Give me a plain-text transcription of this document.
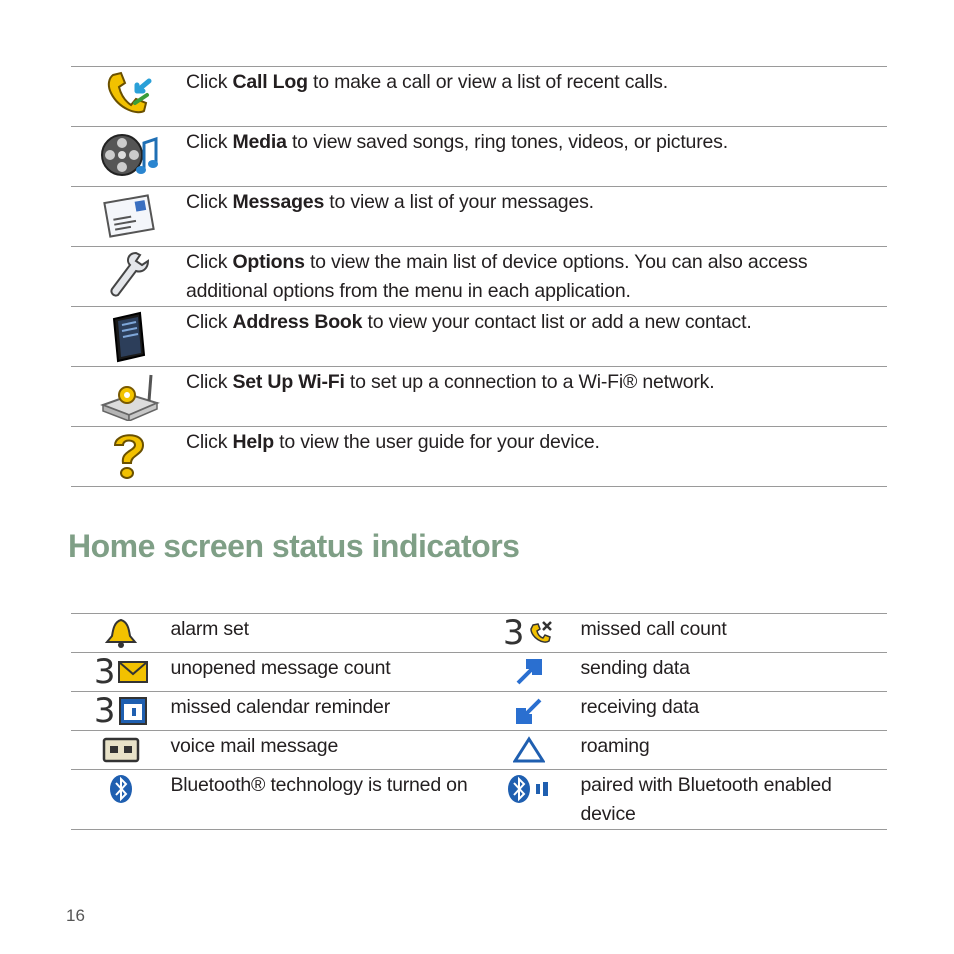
	Click Call Log to make a call or view a list of recent calls.

	Click Media to view saved songs, ring tones, videos, or pictures.

	Click Messages to view a list of your messages.

	Click Options to view the main list of device options. You can also access additional options from the menu in each application.

	Click Address Book to view your contact list or add a new contact.

	Click Set Up Wi-Fi to set up a connection to a Wi-Fi® network.

	Click Help to view the user guide for your device.
Home screen status indicators
	alarm set	3	missed call count

3	unopened message count		sending data

3	missed calendar reminder		receiving data

	voice mail message		roaming

	Bluetooth® technology is turned on		paired with Bluetooth enabled device
16
